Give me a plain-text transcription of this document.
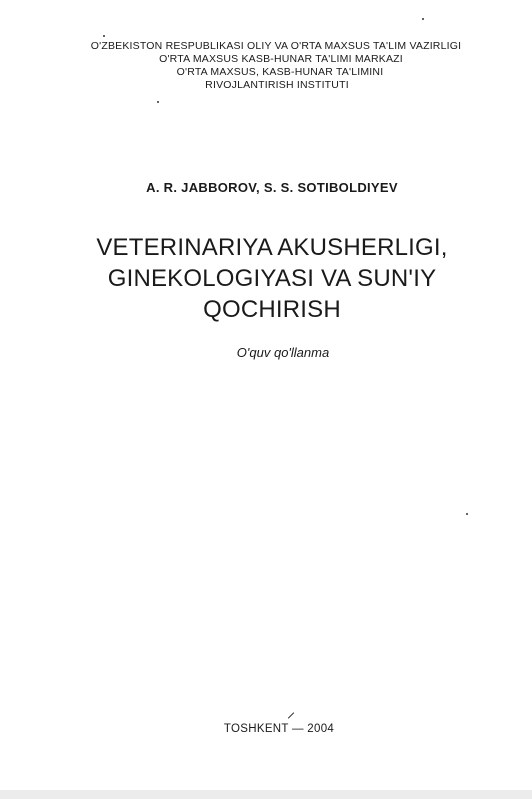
O'ZBEKISTON RESPUBLIKASI OLIY VA O'RTA MAXSUS TA'LIM VAZIRLIGI
O'RTA MAXSUS KASB-HUNAR TA'LIMI MARKAZI
O'RTA MAXSUS, KASB-HUNAR TA'LIMINI
RIVOJLANTIRISH INSTITUTI
A. R. JABBOROV, S. S. SOTIBOLDIYEV
VETERINARIYA AKUSHERLIGI,
GINEKOLOGIYASI VA SUN'IY
QOCHIRISH
O'quv qo'llanma
TOSHKENT — 2004
